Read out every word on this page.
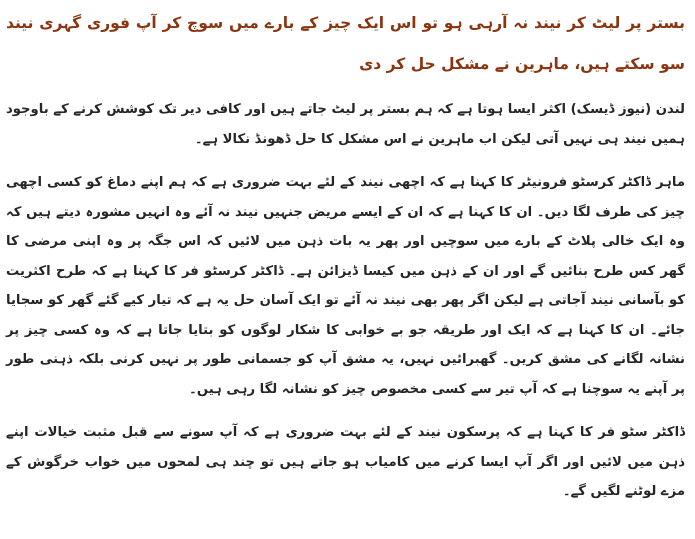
بستر پر لیٹ کر نیند نہ آرہی ہو تو اس ایک چیز کے بارے میں سوچ کر آپ فوری گہری نیند سو سکتے ہیں، ماہرین نے مشکل حل کر دی

لندن (نیوز ڈیسک) اکثر ایسا ہوتا ہے کہ ہم بستر پر لیٹ جاتے ہیں اور کافی دیر تک کوشش کرنے کے باوجود ہمیں نیند ہی نہیں آتی لیکن اب ماہرین نے اس مشکل کا حل ڈھونڈ نکالا ہے۔

ماہر ڈاکٹر کرسٹو فرونیٹر کا کہنا ہے کہ اچھی نیند کے لئے بہت ضروری ہے کہ ہم اپنے دماغ کو کسی اچھی چیز کی طرف لگا دیں۔ ان کا کہنا ہے کہ ان کے ایسے مریض جنہیں نیند نہ آئے وہ انہیں مشورہ دیتے ہیں کہ وہ ایک خالی پلاٹ کے بارے میں سوچیں اور پھر یہ بات ذہن میں لائیں کہ اس جگہ پر وہ اپنی مرضی کا گھر کس طرح بنائیں گے اور ان کے ذہن میں کیسا ڈیزائن ہے۔ ڈاکٹر کرسٹو فر کا کہنا ہے کہ طرح اکثریت کو بآسانی نیند آجاتی ہے لیکن اگر پھر بھی نیند نہ آئے تو ایک آسان حل یہ ہے کہ تیار کیے گئے گھر کو سجایا جائے۔ ان کا کہنا ہے کہ ایک اور طریقہ جو بے خوابی کا شکار لوگوں کو بتایا جاتا ہے کہ وہ کسی چیز پر نشانہ لگانے کی مشق کریں۔ گھبرائیں نہیں، یہ مشق آپ کو جسمانی طور پر نہیں کرنی بلکہ ذہنی طور پر آپنے یہ سوچنا ہے کہ آپ تیر سے کسی مخصوص چیز کو نشانہ لگا رہی ہیں۔

ڈاکٹر سٹو فر کا کہنا ہے کہ پرسکون نیند کے لئے بہت ضروری ہے کہ آپ سونے سے قبل مثبت خیالات اپنے ذہن میں لائیں اور اگر آپ ایسا کرنے میں کامیاب ہو جاتے ہیں تو چند ہی لمحوں میں خواب خرگوش کے مزے لوٹنے لگیں گے۔
